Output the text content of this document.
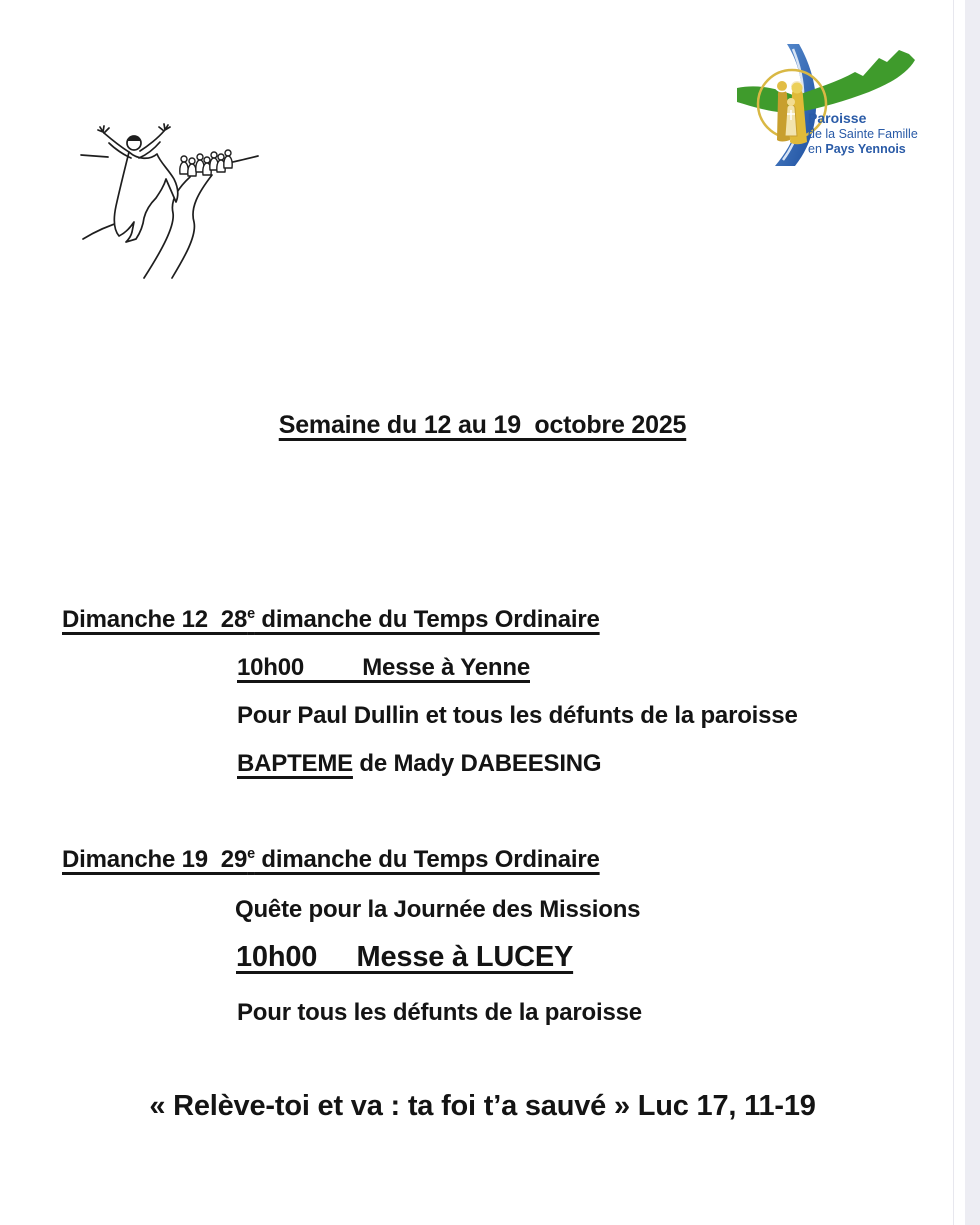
Paroisse
de la Sainte Famille
en Pays Yennois
Semaine du 12 au 19  octobre 2025
Dimanche 12  28e dimanche du Temps Ordinaire
10h00         Messe à Yenne
Pour Paul Dullin et tous les défunts de la paroisse
BAPTEME de Mady DABEESING
Dimanche 19  29e dimanche du Temps Ordinaire
Quête pour la Journée des Missions
10h00     Messe à LUCEY
Pour tous les défunts de la paroisse
« Relève-toi et va : ta foi t’a sauvé » Luc 17, 11-19
